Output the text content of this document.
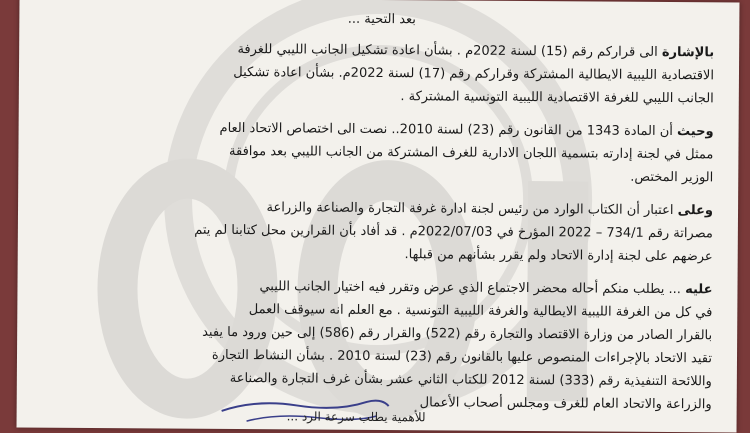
بعد التحية ...
بالإشارة الى قراركم رقم (15) لسنة 2022م . بشأن اعادة تشكيل الجانب الليبي للغرفة
الاقتصادية الليبية الايطالية المشتركة وقراركم رقم (17) لسنة 2022م. بشأن اعادة تشكيل
الجانب الليبي للغرفة الاقتصادية الليبية التونسية المشتركة .
وحيث أن المادة 1343 من القانون رقم (23) لسنة 2010.. نصت الى اختصاص الاتحاد العام
ممثل في لجنة إدارته بتسمية اللجان الادارية للغرف المشتركة من الجانب الليبي بعد موافقة
الوزير المختص.
وعلى اعتبار أن الكتاب الوارد من رئيس لجنة ادارة غرفة التجارة والصناعة والزراعة
مصراتة رقم 734/1 – 2022 المؤرخ في 2022/07/03م . قد أفاد بأن القرارين محل كتابنا لم يتم
عرضهم على لجنة إدارة الاتحاد ولم يقرر بشأنهم من قبلها.
عليه ... يطلب منكم أحاله محضر الاجتماع الذي عرض وتقرر فيه اختيار الجانب الليبي
في كل من الغرفة الليبية الايطالية والغرفة الليبية التونسية . مع العلم انه سيوقف العمل
بالقرار الصادر من وزارة الاقتصاد والتجارة رقم (522) والقرار رقم (586) إلى حين ورود ما يفيد
تقيد الاتحاد بالإجراءات المنصوص عليها بالقانون رقم (23) لسنة 2010 . بشأن النشاط التجارة
واللائحة التنفيذية رقم (333) لسنة 2012 للكتاب الثاني عشر بشأن غرف التجارة والصناعة
والزراعة والاتحاد العام للغرف ومجلس أصحاب الأعمال
للأهمية يطلب سرعة الرد ...
